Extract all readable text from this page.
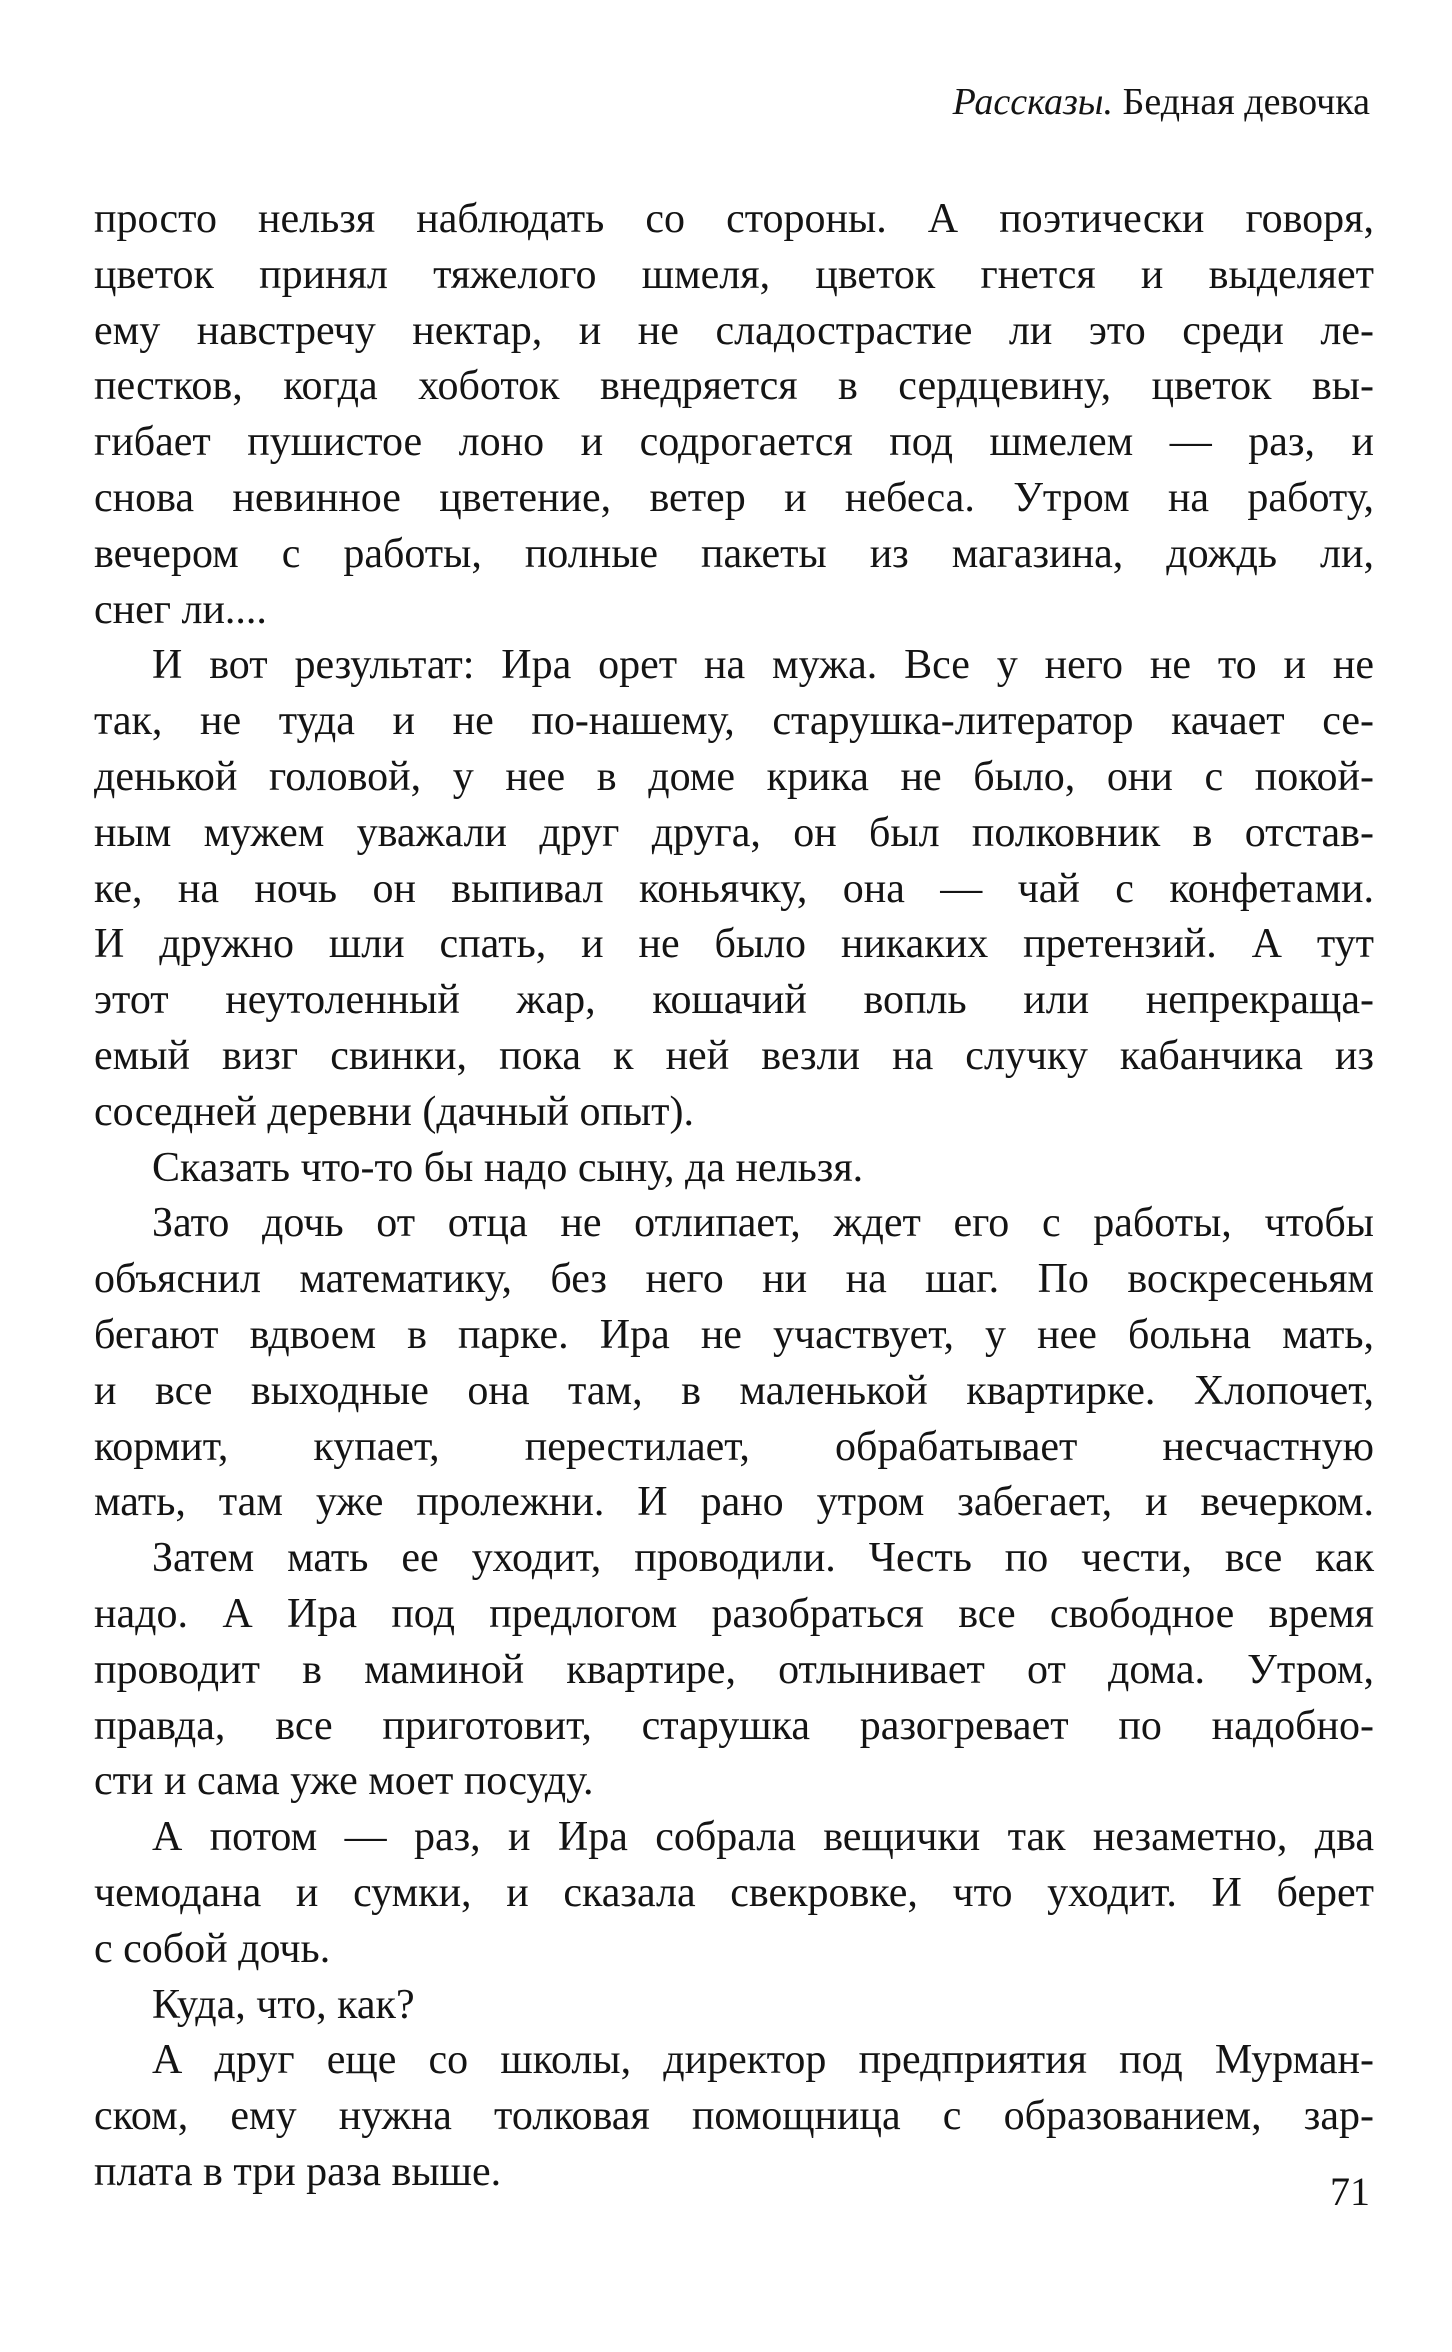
Рассказы. Бедная девочка
просто нельзя наблюдать со стороны. А поэтически говоря,
цветок принял тяжелого шмеля, цветок гнется и выделяет
ему навстречу нектар, и не сладострастие ли это среди ле-
пестков, когда хоботок внедряется в сердцевину, цветок вы-
гибает пушистое лоно и содрогается под шмелем — раз, и
снова невинное цветение, ветер и небеса. Утром на работу,
вечером с работы, полные пакеты из магазина, дождь ли,
снег ли....
И вот результат: Ира орет на мужа. Все у него не то и не
так, не туда и не по-нашему, старушка-литератор качает се-
денькой головой, у нее в доме крика не было, они с покой-
ным мужем уважали друг друга, он был полковник в отстав-
ке, на ночь он выпивал коньячку, она — чай с конфетами.
И дружно шли спать, и не было никаких претензий. А тут
этот неутоленный жар, кошачий вопль или непрекраща-
емый визг свинки, пока к ней везли на случку кабанчика из
соседней деревни (дачный опыт).
Сказать что-то бы надо сыну, да нельзя.
Зато дочь от отца не отлипает, ждет его с работы, чтобы
объяснил математику, без него ни на шаг. По воскресеньям
бегают вдвоем в парке. Ира не участвует, у нее больна мать,
и все выходные она там, в маленькой квартирке. Хлопочет,
кормит, купает, перестилает, обрабатывает несчастную
мать, там уже пролежни. И рано утром забегает, и вечерком.
Затем мать ее уходит, проводили. Честь по чести, все как
надо. А Ира под предлогом разобраться все свободное время
проводит в маминой квартире, отлынивает от дома. Утром,
правда, все приготовит, старушка разогревает по надобно-
сти и сама уже моет посуду.
А потом — раз, и Ира собрала вещички так незаметно, два
чемодана и сумки, и сказала свекровке, что уходит. И берет
с собой дочь.
Куда, что, как?
А друг еще со школы, директор предприятия под Мурман-
ском, ему нужна толковая помощница с образованием, зар-
плата в три раза выше.	71
